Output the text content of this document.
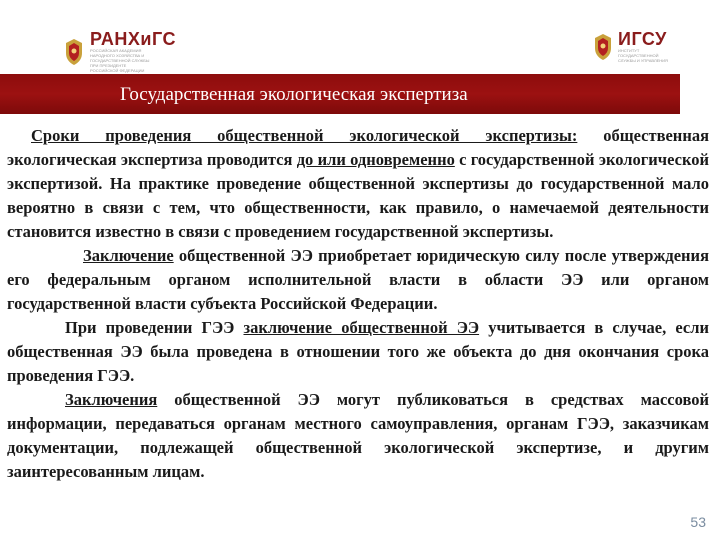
РАНХиГС
РОССИЙСКАЯ АКАДЕМИЯ НАРОДНОГО ХОЗЯЙСТВА И ГОСУДАРСТВЕННОЙ СЛУЖБЫ ПРИ ПРЕЗИДЕНТЕ РОССИЙСКОЙ ФЕДЕРАЦИИ
ИГСУ
ИНСТИТУТ ГОСУДАРСТВЕННОЙ СЛУЖБЫ И УПРАВЛЕНИЯ
Государственная экологическая экспертиза

Сроки проведения общественной экологической экспертизы: общественная экологическая экспертиза проводится до или одновременно с государственной экологической экспертизой. На практике проведение общественной экспертизы до государственной мало вероятно в связи с тем, что общественности, как правило, о намечаемой деятельности становится известно в связи с проведением государственной экспертизы.

Заключение общественной ЭЭ приобретает юридическую силу после утверждения его федеральным органом исполнительной власти в области ЭЭ или органом государственной власти субъекта Российской Федерации.

При проведении ГЭЭ заключение общественной ЭЭ учитывается в случае, если общественная ЭЭ была проведена в отношении того же объекта до дня окончания срока проведения ГЭЭ.

Заключения общественной ЭЭ могут публиковаться в средствах массовой информации, передаваться органам местного самоуправления, органам ГЭЭ, заказчикам документации, подлежащей общественной экологической экспертизе, и другим заинтересованным лицам.

53
